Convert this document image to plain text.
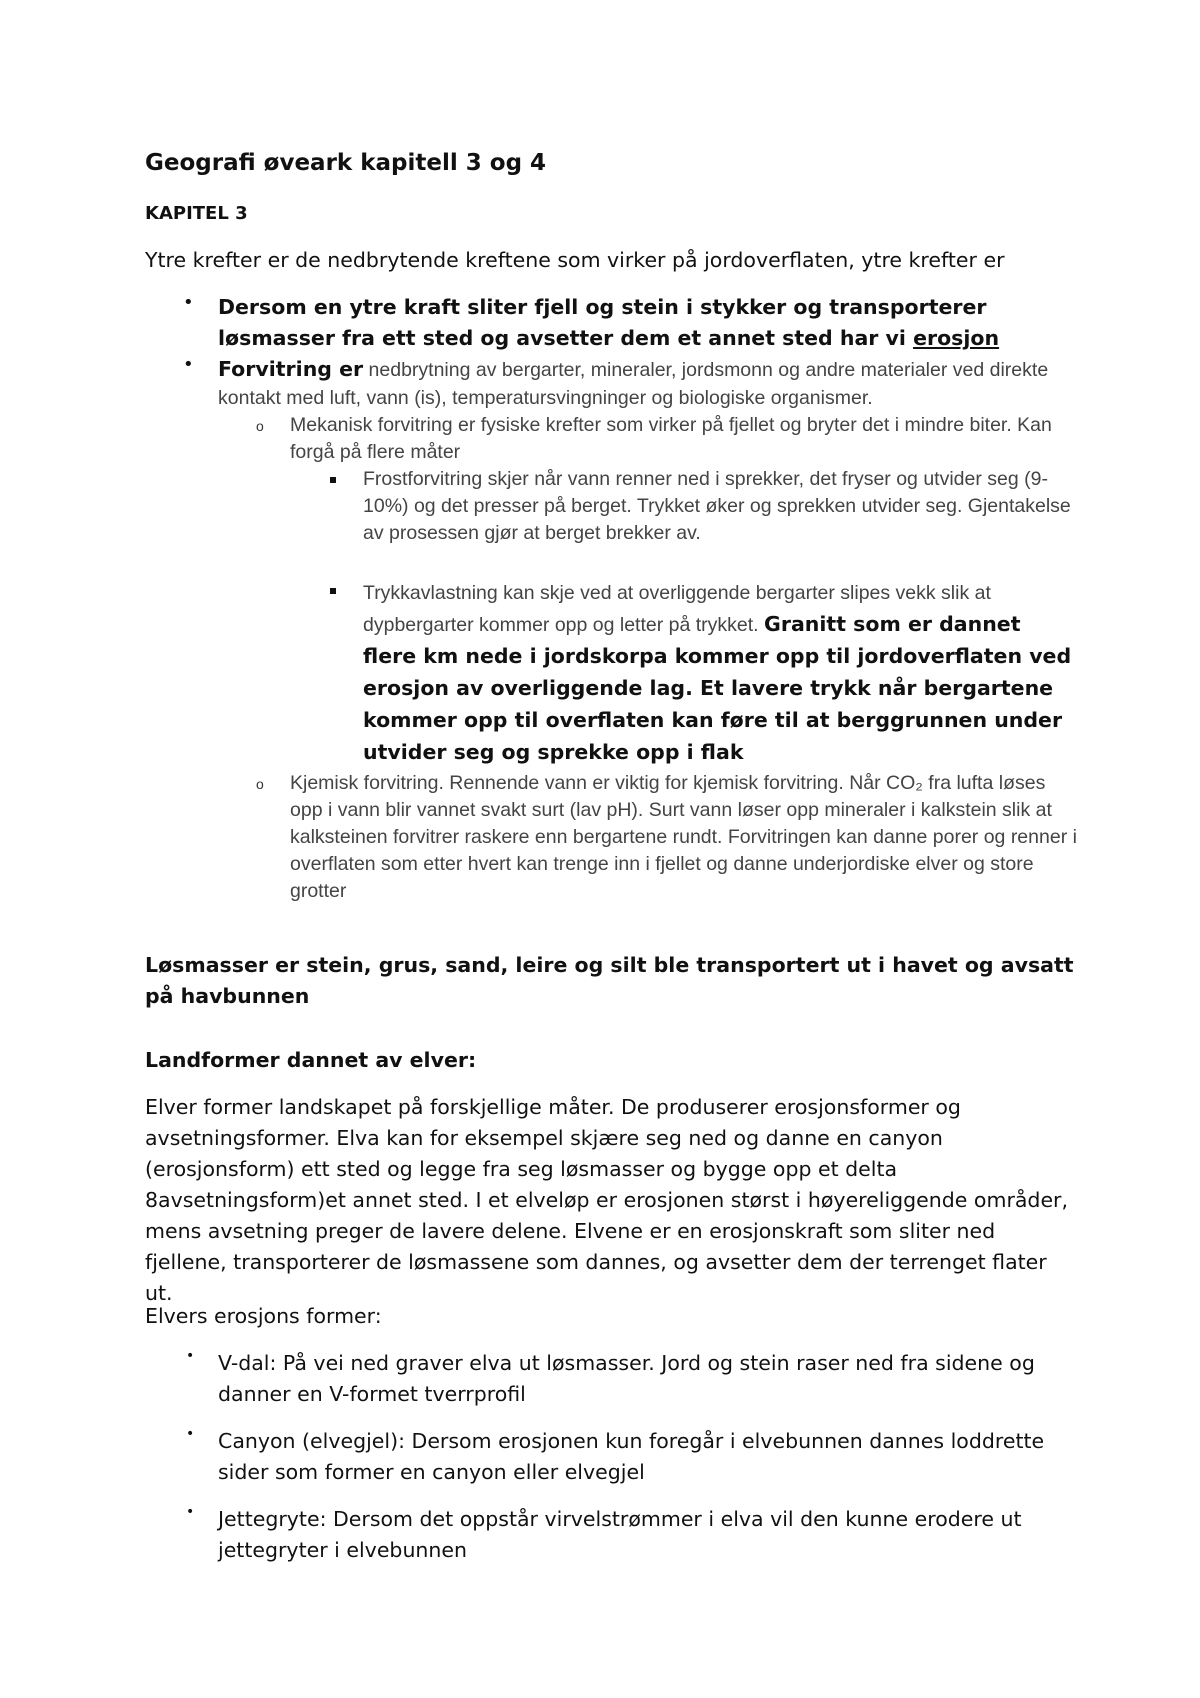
Geografi øveark kapitell 3 og 4
KAPITEL 3
Ytre krefter er de nedbrytende kreftene som virker på jordoverflaten, ytre krefter er
• Dersom en ytre kraft sliter fjell og stein i stykker og transporterer løsmasser fra ett sted og avsetter dem et annet sted har vi erosjon
• Forvitring er nedbrytning av bergarter, mineraler, jordsmonn og andre materialer ved direkte kontakt med luft, vann (is), temperatursvingninger og biologiske organismer.
o Mekanisk forvitring er fysiske krefter som virker på fjellet og bryter det i mindre biter. Kan forgå på flere måter
Frostforvitring skjer når vann renner ned i sprekker, det fryser og utvider seg (9-10%) og det presser på berget. Trykket øker og sprekken utvider seg. Gjentakelse av prosessen gjør at berget brekker av.
Trykkavlastning kan skje ved at overliggende bergarter slipes vekk slik at dypbergarter kommer opp og letter på trykket. Granitt som er dannet flere km nede i jordskorpa kommer opp til jordoverflaten ved erosjon av overliggende lag. Et lavere trykk når bergartene kommer opp til overflaten kan føre til at berggrunnen under utvider seg og sprekke opp i flak
o Kjemisk forvitring. Rennende vann er viktig for kjemisk forvitring. Når CO₂ fra lufta løses opp i vann blir vannet svakt surt (lav pH). Surt vann løser opp mineraler i kalkstein slik at kalksteinen forvitrer raskere enn bergartene rundt. Forvitringen kan danne porer og renner i overflaten som etter hvert kan trenge inn i fjellet og danne underjordiske elver og store grotter
Løsmasser er stein, grus, sand, leire og silt ble transportert ut i havet og avsatt på havbunnen
Landformer dannet av elver:
Elver former landskapet på forskjellige måter. De produserer erosjonsformer og avsetningsformer. Elva kan for eksempel skjære seg ned og danne en canyon (erosjonsform) ett sted og legge fra seg løsmasser og bygge opp et delta 8avsetningsform)et annet sted. I et elveløp er erosjonen størst i høyereliggende områder, mens avsetning preger de lavere delene. Elvene er en erosjonskraft som sliter ned fjellene, transporterer de løsmassene som dannes, og avsetter dem der terrenget flater ut.
Elvers erosjons former:
• V-dal: På vei ned graver elva ut løsmasser. Jord og stein raser ned fra sidene og danner en V-formet tverrprofil
• Canyon (elvegjel): Dersom erosjonen kun foregår i elvebunnen dannes loddrette sider som former en canyon eller elvegjel
• Jettegryte: Dersom det oppstår virvelstrømmer i elva vil den kunne erodere ut jettegryter i elvebunnen
